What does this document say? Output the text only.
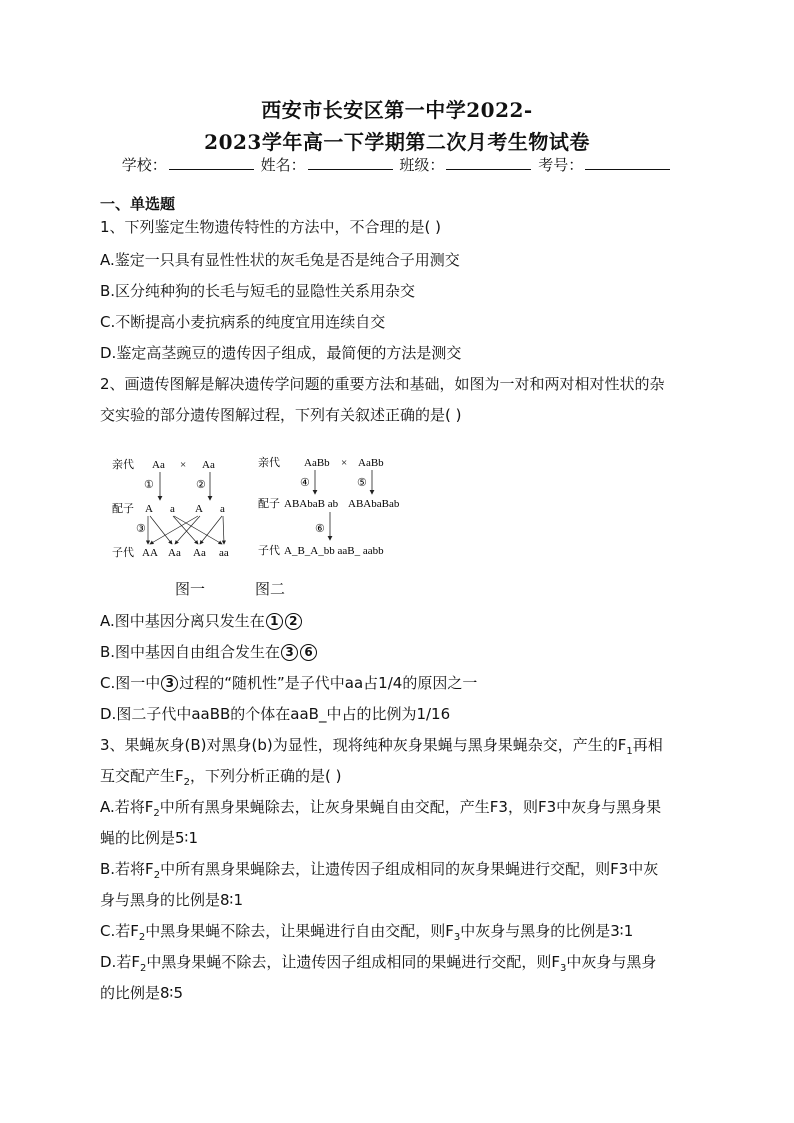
西安市长安区第一中学2022-
2023学年高一下学期第二次月考生物试卷
学校：	姓名：	班级：	考号：
一、单选题
1、下列鉴定生物遗传特性的方法中，不合理的是( )
A.鉴定一只具有显性性状的灰毛兔是否是纯合子用测交
B.区分纯种狗的长毛与短毛的显隐性关系用杂交
C.不断提高小麦抗病系的纯度宜用连续自交
D.鉴定高茎豌豆的遗传因子组成，最简便的方法是测交
2、画遗传图解是解决遗传学问题的重要方法和基础，如图为一对和两对相对性状的杂
交实验的部分遗传图解过程，下列有关叙述正确的是( )
亲代 Aa × Aa
①	②
配子 A a A a
③
子代 AA Aa Aa aa
亲代 AaBb × AaBb
④	⑤
配子 ABAbaB ab ABAbaBab
⑥
子代 A_B_A_bb aaB_ aabb
图一	图二
A.图中基因分离只发生在 1 2
B.图中基因自由组合发生在 3 6
C.图一中 3 过程的“随机性”是子代中aa占1/4的原因之一
D.图二子代中aaBB的个体在aaB_中占的比例为1/16
3、果蝇灰身(B)对黑身(b)为显性，现将纯种灰身果蝇与黑身果蝇杂交，产生的$F_1$再相
互交配产生$F_2$，下列分析正确的是( )
A.若将$F_2$中所有黑身果蝇除去，让灰身果蝇自由交配，产生F3，则F3中灰身与黑身果
蝇的比例是5∶1
B.若将$F_2$中所有黑身果蝇除去，让遗传因子组成相同的灰身果蝇进行交配，则F3中灰
身与黑身的比例是8∶1
C.若$F_2$中黑身果蝇不除去，让果蝇进行自由交配，则$F_3$中灰身与黑身的比例是3∶1
D.若$F_2$中黑身果蝇不除去，让遗传因子组成相同的果蝇进行交配，则$F_3$中灰身与黑身
的比例是8∶5
